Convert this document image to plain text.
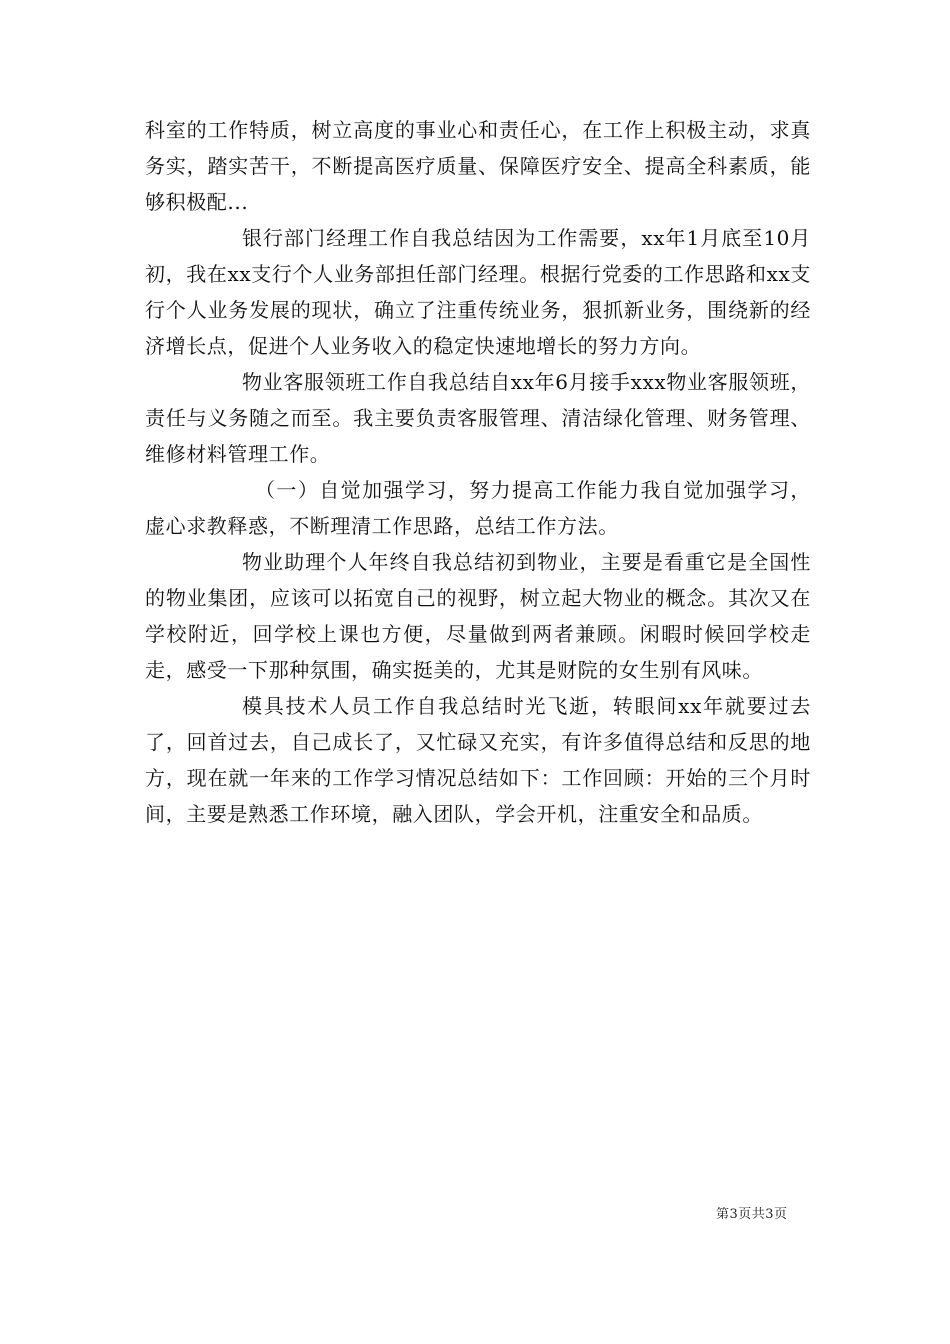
科室的工作特质，树立高度的事业心和责任心，在工作上积极主动，求真务实，踏实苦干，不断提高医疗质量、保障医疗安全、提高全科素质，能够积极配...

银行部门经理工作自我总结因为工作需要，xx年1月底至10月初，我在xx支行个人业务部担任部门经理。根据行党委的工作思路和xx支行个人业务发展的现状，确立了注重传统业务，狠抓新业务，围绕新的经济增长点，促进个人业务收入的稳定快速地增长的努力方向。

物业客服领班工作自我总结自xx年6月接手xxx物业客服领班，责任与义务随之而至。我主要负责客服管理、清洁绿化管理、财务管理、维修材料管理工作。

（一）自觉加强学习，努力提高工作能力我自觉加强学习，虚心求教释惑，不断理清工作思路，总结工作方法。

物业助理个人年终自我总结初到物业，主要是看重它是全国性的物业集团，应该可以拓宽自己的视野，树立起大物业的概念。其次又在学校附近，回学校上课也方便，尽量做到两者兼顾。闲暇时候回学校走走，感受一下那种氛围，确实挺美的，尤其是财院的女生别有风味。

模具技术人员工作自我总结时光飞逝，转眼间xx年就要过去了，回首过去，自己成长了，又忙碌又充实，有许多值得总结和反思的地方，现在就一年来的工作学习情况总结如下：工作回顾：开始的三个月时间，主要是熟悉工作环境，融入团队，学会开机，注重安全和品质。

第3页共3页
